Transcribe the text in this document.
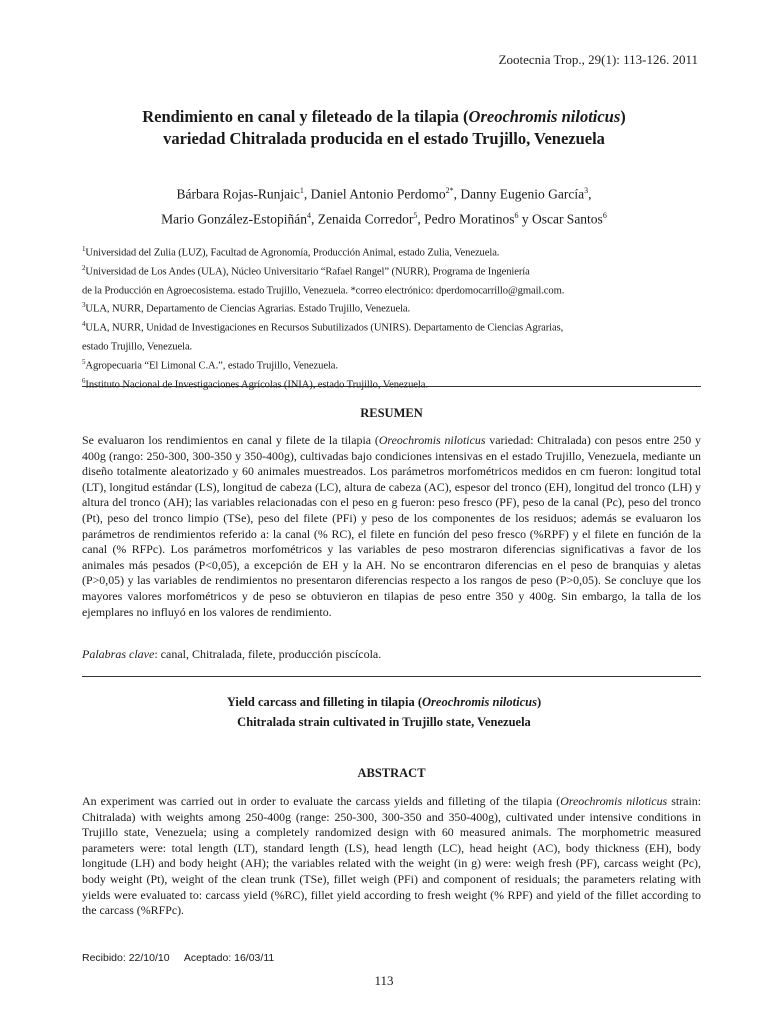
Zootecnia Trop., 29(1): 113-126. 2011
Rendimiento en canal y fileteado de la tilapia (Oreochromis niloticus)
variedad Chitralada producida en el estado Trujillo, Venezuela
Bárbara Rojas-Runjaic$^1$, Daniel Antonio Perdomo$^{2*}$, Danny Eugenio García$^3$,
Mario González-Estopiñán$^4$, Zenaida Corredor$^5$, Pedro Moratinos$^6$ y Oscar Santos$^6$
$^1$Universidad del Zulia (LUZ), Facultad de Agronomía, Producción Animal, estado Zulia, Venezuela.
$^2$Universidad de Los Andes (ULA), Núcleo Universitario “Rafael Rangel” (NURR), Programa de Ingeniería
de la Producción en Agroecosistema. estado Trujillo, Venezuela. *correo electrónico: dperdomocarrillo@gmail.com.
$^3$ULA, NURR, Departamento de Ciencias Agrarias. Estado Trujillo, Venezuela.
$^4$ULA, NURR, Unidad de Investigaciones en Recursos Subutilizados (UNIRS). Departamento de Ciencias Agrarias,
estado Trujillo, Venezuela.
$^5$Agropecuaria “El Limonal C.A.”, estado Trujillo, Venezuela.
$^6$Instituto Nacional de Investigaciones Agrícolas (INIA), estado Trujillo, Venezuela.
RESUMEN
Se evaluaron los rendimientos en canal y filete de la tilapia (Oreochromis niloticus variedad: Chitralada) con pesos entre 250 y 400g (rango: 250-300, 300-350 y 350-400g), cultivadas bajo condiciones intensivas en el estado Trujillo, Venezuela, mediante un diseño totalmente aleatorizado y 60 animales muestreados. Los parámetros morfométricos medidos en cm fueron: longitud total (LT), longitud estándar (LS), longitud de cabeza (LC), altura de cabeza (AC), espesor del tronco (EH), longitud del tronco (LH) y altura del tronco (AH); las variables relacionadas con el peso en g fueron: peso fresco (PF), peso de la canal (Pc), peso del tronco (Pt), peso del tronco limpio (TSe), peso del filete (PFi) y peso de los componentes de los residuos; además se evaluaron los parámetros de rendimientos referido a: la canal (% RC), el filete en función del peso fresco (%RPF) y el filete en función de la canal (% RFPc). Los parámetros morfométricos y las variables de peso mostraron diferencias significativas a favor de los animales más pesados (P<0,05), a excepción de EH y la AH. No se encontraron diferencias en el peso de branquias y aletas (P>0,05) y las variables de rendimientos no presentaron diferencias respecto a los rangos de peso (P>0,05). Se concluye que los mayores valores morfométricos y de peso se obtuvieron en tilapias de peso entre 350 y 400g. Sin embargo, la talla de los ejemplares no influyó en los valores de rendimiento.
Palabras clave: canal, Chitralada, filete, producción piscícola.
Yield carcass and filleting in tilapia (Oreochromis niloticus)
Chitralada strain cultivated in Trujillo state, Venezuela
ABSTRACT
An experiment was carried out in order to evaluate the carcass yields and filleting of the tilapia (Oreochromis niloticus strain: Chitralada) with weights among 250-400g (range: 250-300, 300-350 and 350-400g), cultivated under intensive conditions in Trujillo state, Venezuela; using a completely randomized design with 60 measured animals. The morphometric measured parameters were: total length (LT), standard length (LS), head length (LC), head height (AC), body thickness (EH), body longitude (LH) and body height (AH); the variables related with the weight (in g) were: weigh fresh (PF), carcass weight (Pc), body weight (Pt), weight of the clean trunk (TSe), fillet weigh (PFi) and component of residuals; the parameters relating with yields were evaluated to: carcass yield (%RC), fillet yield according to fresh weight (% RPF) and yield of the fillet according to the carcass (%RFPc).
Recibido: 22/10/10 Aceptado: 16/03/11
113
